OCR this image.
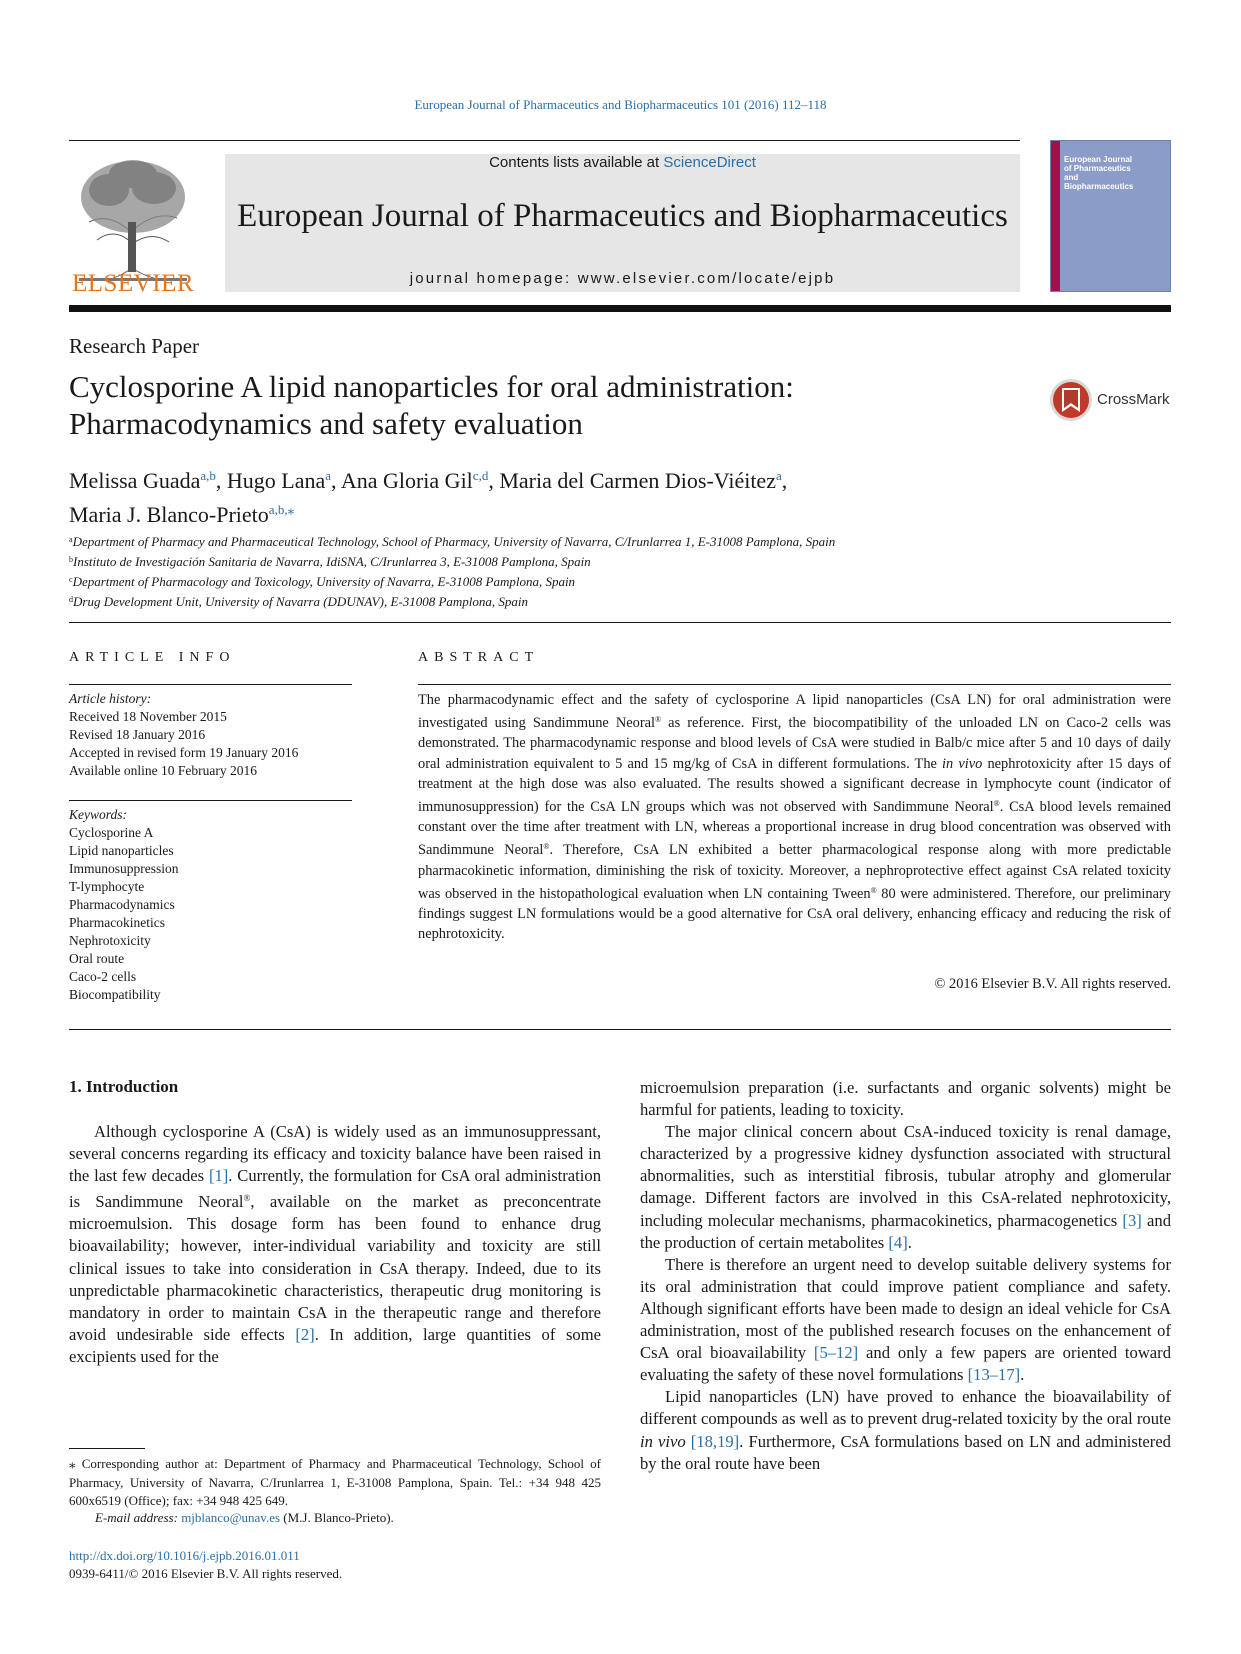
European Journal of Pharmaceutics and Biopharmaceutics 101 (2016) 112–118
ELSEVIER
Contents lists available at ScienceDirect
European Journal of Pharmaceutics and Biopharmaceutics
journal homepage: www.elsevier.com/locate/ejpb
European Journal of Pharmaceutics and Biopharmaceutics
Research Paper
Cyclosporine A lipid nanoparticles for oral administration:
Pharmacodynamics and safety evaluation
CrossMark
Melissa Guada$^{a,b}$, Hugo Lana$^a$, Ana Gloria Gil$^{c,d}$, Maria del Carmen Dios-Viéitez$^a$,
Maria J. Blanco-Prieto$^{a,b,⁎}$
$^a$Department of Pharmacy and Pharmaceutical Technology, School of Pharmacy, University of Navarra, C/Irunlarrea 1, E-31008 Pamplona, Spain
$^b$Instituto de Investigación Sanitaria de Navarra, IdiSNA, C/Irunlarrea 3, E-31008 Pamplona, Spain
$^c$Department of Pharmacology and Toxicology, University of Navarra, E-31008 Pamplona, Spain
$^d$Drug Development Unit, University of Navarra (DDUNAV), E-31008 Pamplona, Spain
ARTICLE INFO
Article history:
Received 18 November 2015
Revised 18 January 2016
Accepted in revised form 19 January 2016
Available online 10 February 2016
Keywords:
Cyclosporine A
Lipid nanoparticles
Immunosuppression
T-lymphocyte
Pharmacodynamics
Pharmacokinetics
Nephrotoxicity
Oral route
Caco-2 cells
Biocompatibility
ABSTRACT
The pharmacodynamic effect and the safety of cyclosporine A lipid nanoparticles (CsA LN) for oral administration were investigated using Sandimmune Neoral® as reference. First, the biocompatibility of the unloaded LN on Caco-2 cells was demonstrated. The pharmacodynamic response and blood levels of CsA were studied in Balb/c mice after 5 and 10 days of daily oral administration equivalent to 5 and 15 mg/kg of CsA in different formulations. The in vivo nephrotoxicity after 15 days of treatment at the high dose was also evaluated. The results showed a significant decrease in lymphocyte count (indicator of immunosuppression) for the CsA LN groups which was not observed with Sandimmune Neoral®. CsA blood levels remained constant over the time after treatment with LN, whereas a proportional increase in drug blood concentration was observed with Sandimmune Neoral®. Therefore, CsA LN exhibited a better pharmacological response along with more predictable pharmacokinetic information, diminishing the risk of toxicity. Moreover, a nephroprotective effect against CsA related toxicity was observed in the histopathological evaluation when LN containing Tween® 80 were administered. Therefore, our preliminary findings suggest LN formulations would be a good alternative for CsA oral delivery, enhancing efficacy and reducing the risk of nephrotoxicity.
© 2016 Elsevier B.V. All rights reserved.
1. Introduction

Although cyclosporine A (CsA) is widely used as an immunosuppressant, several concerns regarding its efficacy and toxicity balance have been raised in the last few decades [1]. Currently, the formulation for CsA oral administration is Sandimmune Neoral®, available on the market as preconcentrate microemulsion. This dosage form has been found to enhance drug bioavailability; however, inter-individual variability and toxicity are still clinical issues to take into consideration in CsA therapy. Indeed, due to its unpredictable pharmacokinetic characteristics, therapeutic drug monitoring is mandatory in order to maintain CsA in the therapeutic range and therefore avoid undesirable side effects [2]. In addition, large quantities of some excipients used for the

microemulsion preparation (i.e. surfactants and organic solvents) might be harmful for patients, leading to toxicity.

The major clinical concern about CsA-induced toxicity is renal damage, characterized by a progressive kidney dysfunction associated with structural abnormalities, such as interstitial fibrosis, tubular atrophy and glomerular damage. Different factors are involved in this CsA-related nephrotoxicity, including molecular mechanisms, pharmacokinetics, pharmacogenetics [3] and the production of certain metabolites [4].

There is therefore an urgent need to develop suitable delivery systems for its oral administration that could improve patient compliance and safety. Although significant efforts have been made to design an ideal vehicle for CsA administration, most of the published research focuses on the enhancement of CsA oral bioavailability [5–12] and only a few papers are oriented toward evaluating the safety of these novel formulations [13–17].

Lipid nanoparticles (LN) have proved to enhance the bioavailability of different compounds as well as to prevent drug-related toxicity by the oral route in vivo [18,19]. Furthermore, CsA formulations based on LN and administered by the oral route have been

⁎ Corresponding author at: Department of Pharmacy and Pharmaceutical Technology, School of Pharmacy, University of Navarra, C/Irunlarrea 1, E-31008 Pamplona, Spain. Tel.: +34 948 425 600x6519 (Office); fax: +34 948 425 649.
E-mail address: mjblanco@unav.es (M.J. Blanco-Prieto).
http://dx.doi.org/10.1016/j.ejpb.2016.01.011
0939-6411/© 2016 Elsevier B.V. All rights reserved.
